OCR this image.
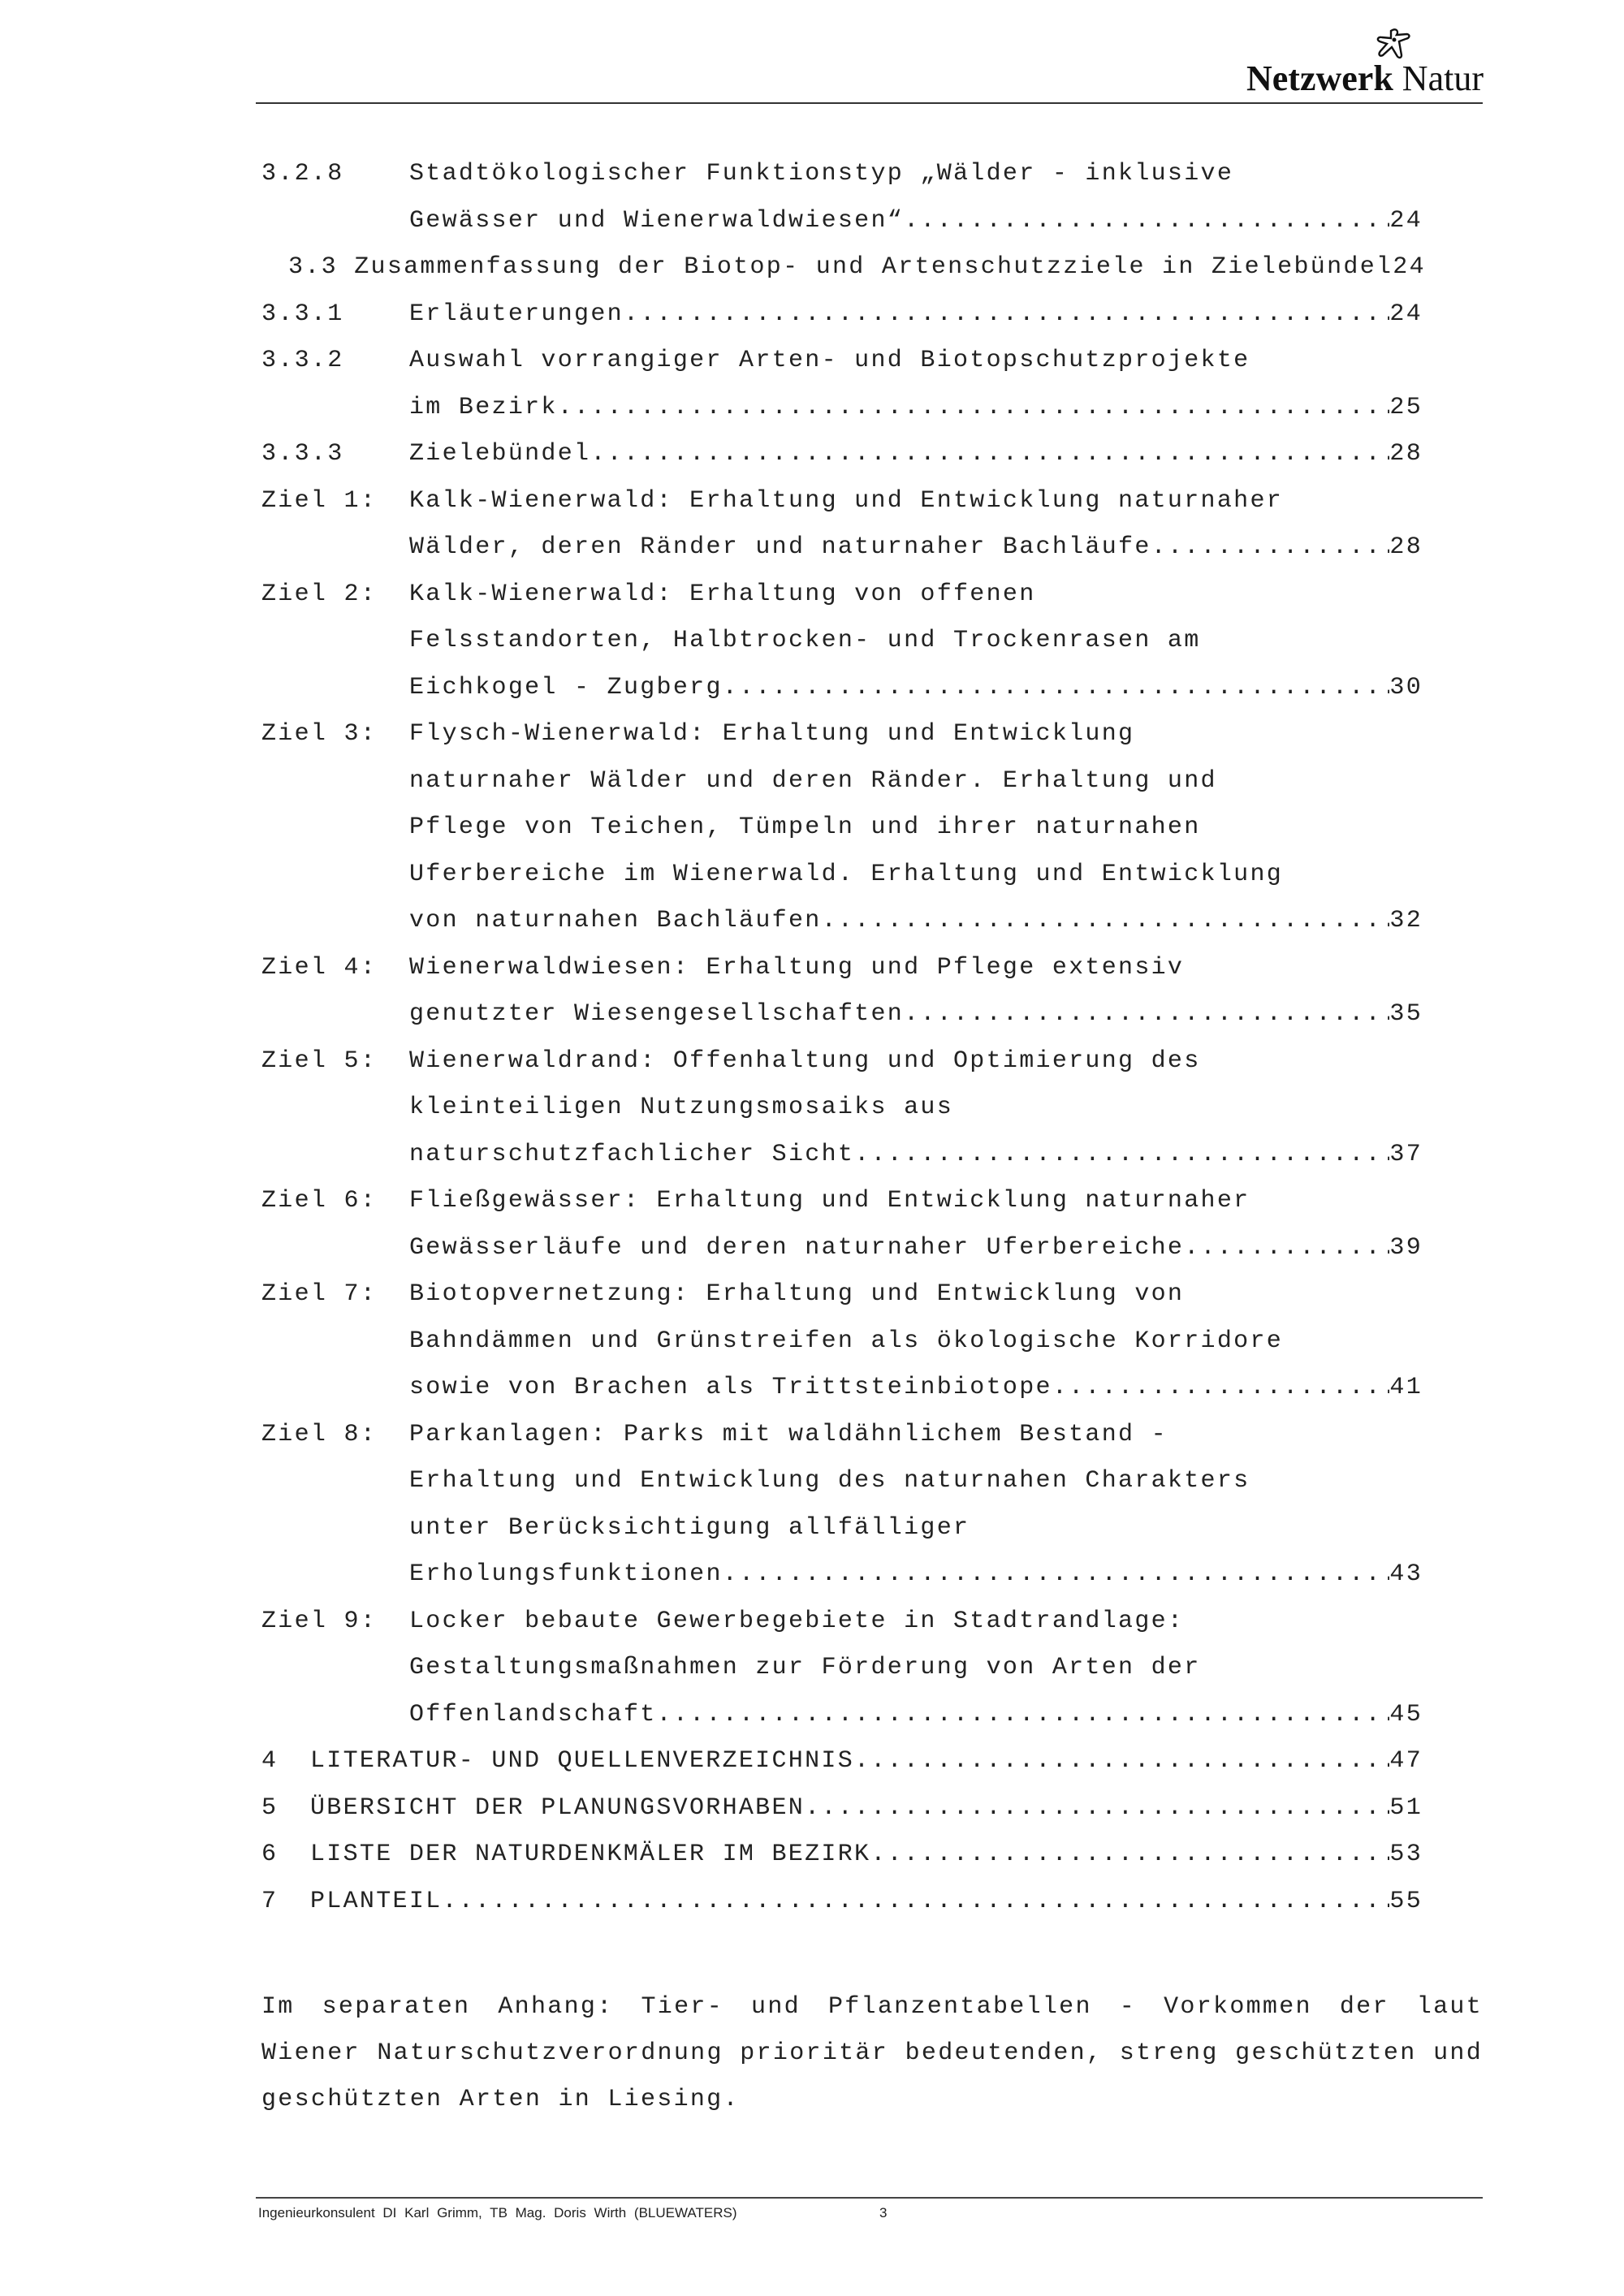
Netzwerk Natur
3.2.8	Stadtökologischer Funktionstyp „Wälder - inklusive
Gewässer und Wienerwaldwiesen“ .....	24
3.3 Zusammenfassung der Biotop- und Artenschutzziele in Zielebündel24
3.3.1	Erläuterungen .....	24
3.3.2	Auswahl vorrangiger Arten- und Biotopschutzprojekte
im Bezirk .....	25
3.3.3	Zielebündel .....	28
Ziel 1:	Kalk-Wienerwald: Erhaltung und Entwicklung naturnaher
Wälder, deren Ränder und naturnaher Bachläufe .....	28
Ziel 2:	Kalk-Wienerwald: Erhaltung von offenen
Felsstandorten, Halbtrocken- und Trockenrasen am
Eichkogel - Zugberg .....	30
Ziel 3:	Flysch-Wienerwald: Erhaltung und Entwicklung
naturnaher Wälder und deren Ränder. Erhaltung und
Pflege von Teichen, Tümpeln und ihrer naturnahen
Uferbereiche im Wienerwald. Erhaltung und Entwicklung
von naturnahen Bachläufen. .....	32
Ziel 4:	Wienerwaldwiesen: Erhaltung und Pflege extensiv
genutzter Wiesengesellschaften .....	35
Ziel 5:	Wienerwaldrand: Offenhaltung und Optimierung des
kleinteiligen Nutzungsmosaiks aus
naturschutzfachlicher Sicht .....	37
Ziel 6:	Fließgewässer: Erhaltung und Entwicklung naturnaher
Gewässerläufe und deren naturnaher Uferbereiche .....	39
Ziel 7:	Biotopvernetzung: Erhaltung und Entwicklung von
Bahndämmen und Grünstreifen als ökologische Korridore
sowie von Brachen als Trittsteinbiotope .....	41
Ziel 8:	Parkanlagen: Parks mit waldähnlichem Bestand -
Erhaltung und Entwicklung des naturnahen Charakters
unter Berücksichtigung allfälliger
Erholungsfunktionen .....	43
Ziel 9:	Locker bebaute Gewerbegebiete in Stadtrandlage:
Gestaltungsmaßnahmen zur Förderung von Arten der
Offenlandschaft .....	45
4	LITERATUR- UND QUELLENVERZEICHNIS .....	47
5	ÜBERSICHT DER PLANUNGSVORHABEN .....	51
6	LISTE DER NATURDENKMÄLER IM BEZIRK .....	53
7	PLANTEIL .....	55
Im separaten Anhang: Tier- und Pflanzentabellen - Vorkommen der laut Wiener Naturschutzverordnung prioritär bedeutenden, streng geschützten und geschützten Arten in Liesing.
Ingenieurkonsulent DI Karl Grimm, TB Mag. Doris Wirth (BLUEWATERS)	3
